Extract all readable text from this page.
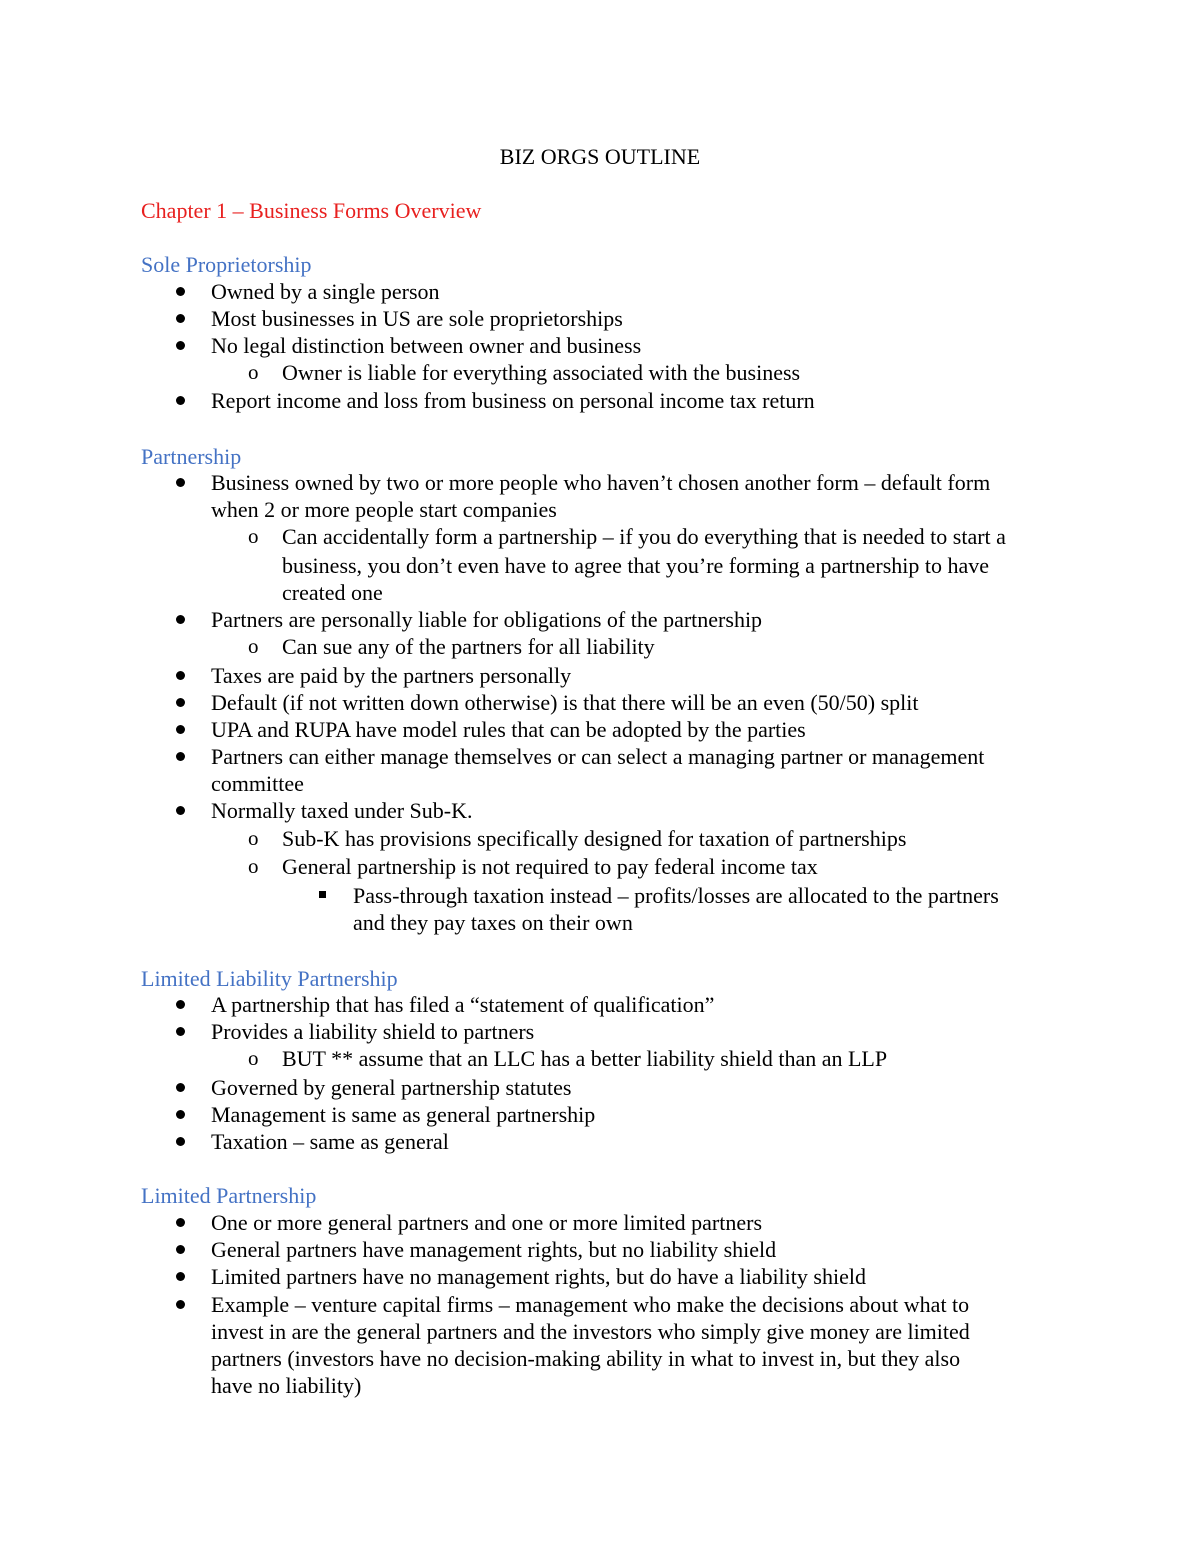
BIZ ORGS OUTLINE
Chapter 1 – Business Forms Overview
Sole Proprietorship
Owned by a single person
Most businesses in US are sole proprietorships
No legal distinction between owner and business
o Owner is liable for everything associated with the business
Report income and loss from business on personal income tax return
Partnership
Business owned by two or more people who haven’t chosen another form – default form
when 2 or more people start companies
o Can accidentally form a partnership – if you do everything that is needed to start a
business, you don’t even have to agree that you’re forming a partnership to have
created one
Partners are personally liable for obligations of the partnership
o Can sue any of the partners for all liability
Taxes are paid by the partners personally
Default (if not written down otherwise) is that there will be an even (50/50) split
UPA and RUPA have model rules that can be adopted by the parties
Partners can either manage themselves or can select a managing partner or management
committee
Normally taxed under Sub-K.
o Sub-K has provisions specifically designed for taxation of partnerships
o General partnership is not required to pay federal income tax
Pass-through taxation instead – profits/losses are allocated to the partners
and they pay taxes on their own
Limited Liability Partnership
A partnership that has filed a “statement of qualification”
Provides a liability shield to partners
o BUT ** assume that an LLC has a better liability shield than an LLP
Governed by general partnership statutes
Management is same as general partnership
Taxation – same as general
Limited Partnership
One or more general partners and one or more limited partners
General partners have management rights, but no liability shield
Limited partners have no management rights, but do have a liability shield
Example – venture capital firms – management who make the decisions about what to
invest in are the general partners and the investors who simply give money are limited
partners (investors have no decision-making ability in what to invest in, but they also
have no liability)
